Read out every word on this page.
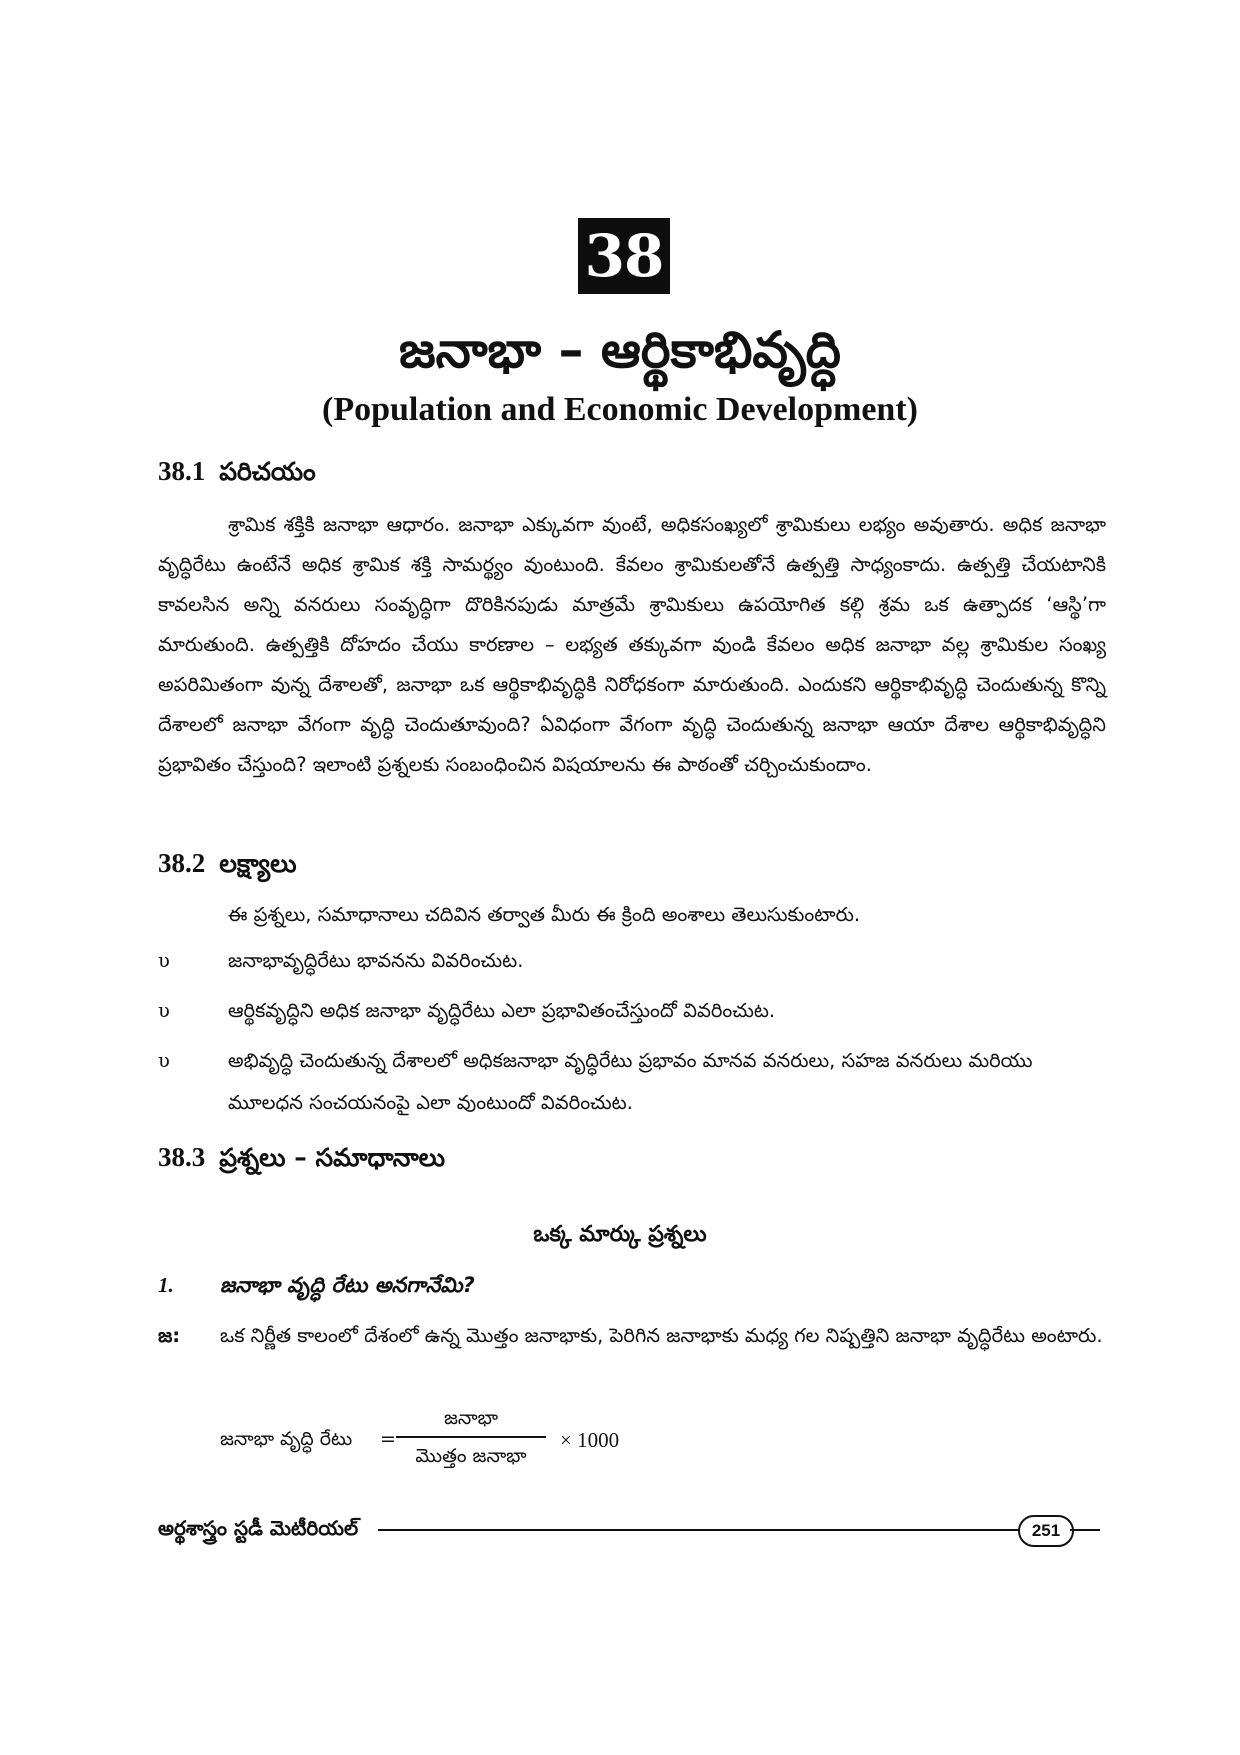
38
జనాభా – ఆర్థికాభివృద్ధి
(Population and Economic Development)
38.1 పరిచయం

శ్రామిక శక్తికి జనాభా ఆధారం. జనాభా ఎక్కువగా వుంటే, అధికసంఖ్యలో శ్రామికులు లభ్యం అవుతారు. అధిక జనాభా వృద్ధిరేటు ఉంటేనే అధిక శ్రామిక శక్తి సామర్థ్యం వుంటుంది. కేవలం శ్రామికులతోనే ఉత్పత్తి సాధ్యంకాదు. ఉత్పత్తి చేయటానికి కావలసిన అన్ని వనరులు సంవృద్ధిగా దొరికినపుడు మాత్రమే శ్రామికులు ఉపయోగిత కల్గి శ్రమ ఒక ఉత్పాదక ‘ఆస్థి’గా మారుతుంది. ఉత్పత్తికి దోహదం చేయు కారణాల – లభ్యత తక్కువగా వుండి కేవలం అధిక జనాభా వల్ల శ్రామికుల సంఖ్య అపరిమితంగా వున్న దేశాలతో, జనాభా ఒక ఆర్థికాభివృద్ధికి నిరోధకంగా మారుతుంది. ఎందుకని ఆర్థికాభివృద్ధి చెందుతున్న కొన్ని దేశాలలో జనాభా వేగంగా వృద్ధి చెందుతూవుంది? ఏవిధంగా వేగంగా వృద్ధి చెందుతున్న జనాభా ఆయా దేశాల ఆర్థికాభివృద్ధిని ప్రభావితం చేస్తుంది? ఇలాంటి ప్రశ్నలకు సంబంధించిన విషయాలను ఈ పాఠంతో చర్చించుకుందాం.

38.2 లక్ష్యాలు
ఈ ప్రశ్నలు, సమాధానాలు చదివిన తర్వాత మీరు ఈ క్రింది అంశాలు తెలుసుకుంటారు.
υ	జనాభావృద్ధిరేటు భావనను వివరించుట.
υ	ఆర్థికవృద్ధిని అధిక జనాభా వృద్ధిరేటు ఎలా ప్రభావితంచేస్తుందో వివరించుట.
υ	అభివృద్ధి చెందుతున్న దేశాలలో అధికజనాభా వృద్ధిరేటు ప్రభావం మానవ వనరులు, సహజ వనరులు మరియు మూలధన సంచయనంపై ఎలా వుంటుందో వివరించుట.
38.3 ప్రశ్నలు – సమాధానాలు
ఒక్క మార్కు ప్రశ్నలు
1. జనాభా వృద్ధి రేటు అనగానేమి?
జ: ఒక నిర్ణీత కాలంలో దేశంలో ఉన్న మొత్తం జనాభాకు, పెరిగిన జనాభాకు మధ్య గల నిష్పత్తిని జనాభా వృద్ధిరేటు అంటారు.
జనాభా వృద్ధి రేటు =
జనాభా
మొత్తం జనాభా
× 1000
అర్థశాస్త్రం స్టడీ మెటీరియల్	251
